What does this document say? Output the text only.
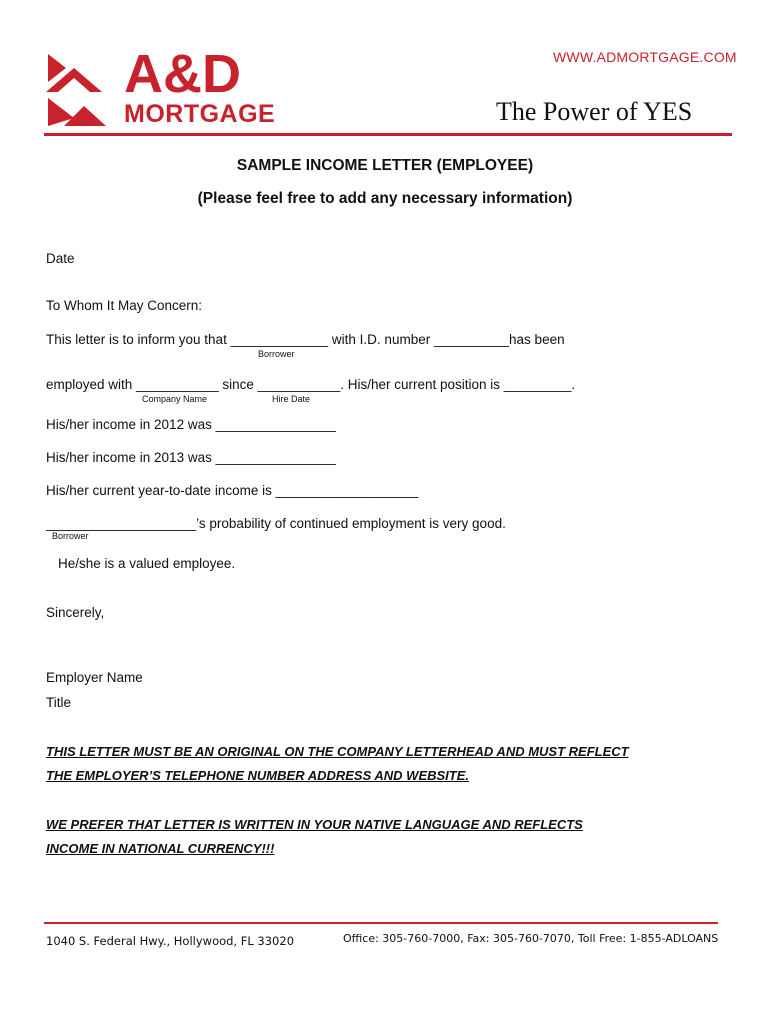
A&D
MORTGAGE
WWW.ADMORTGAGE.COM
The Power of YES
SAMPLE INCOME LETTER (EMPLOYEE)
(Please feel free to add any necessary information)
Date
To Whom It May Concern:
This letter is to inform you that _____________ with I.D. number __________has been
Borrower
employed with ___________ since ___________. His/her current position is _________.
Company Name	Hire Date
His/her income in 2012 was ________________
His/her income in 2013 was ________________
His/her current year-to-date income is ___________________
____________________’s probability of continued employment is very good.
Borrower
He/she is a valued employee.
Sincerely,
Employer Name
Title
THIS LETTER MUST BE AN ORIGINAL ON THE COMPANY LETTERHEAD AND MUST REFLECT
THE EMPLOYER’S TELEPHONE NUMBER ADDRESS AND WEBSITE.
WE PREFER THAT LETTER IS WRITTEN IN YOUR NATIVE LANGUAGE AND REFLECTS
INCOME IN NATIONAL CURRENCY!!!
1040 S. Federal Hwy., Hollywood, FL 33020	Office: 305-760-7000, Fax: 305-760-7070, Toll Free: 1-855-ADLOANS
